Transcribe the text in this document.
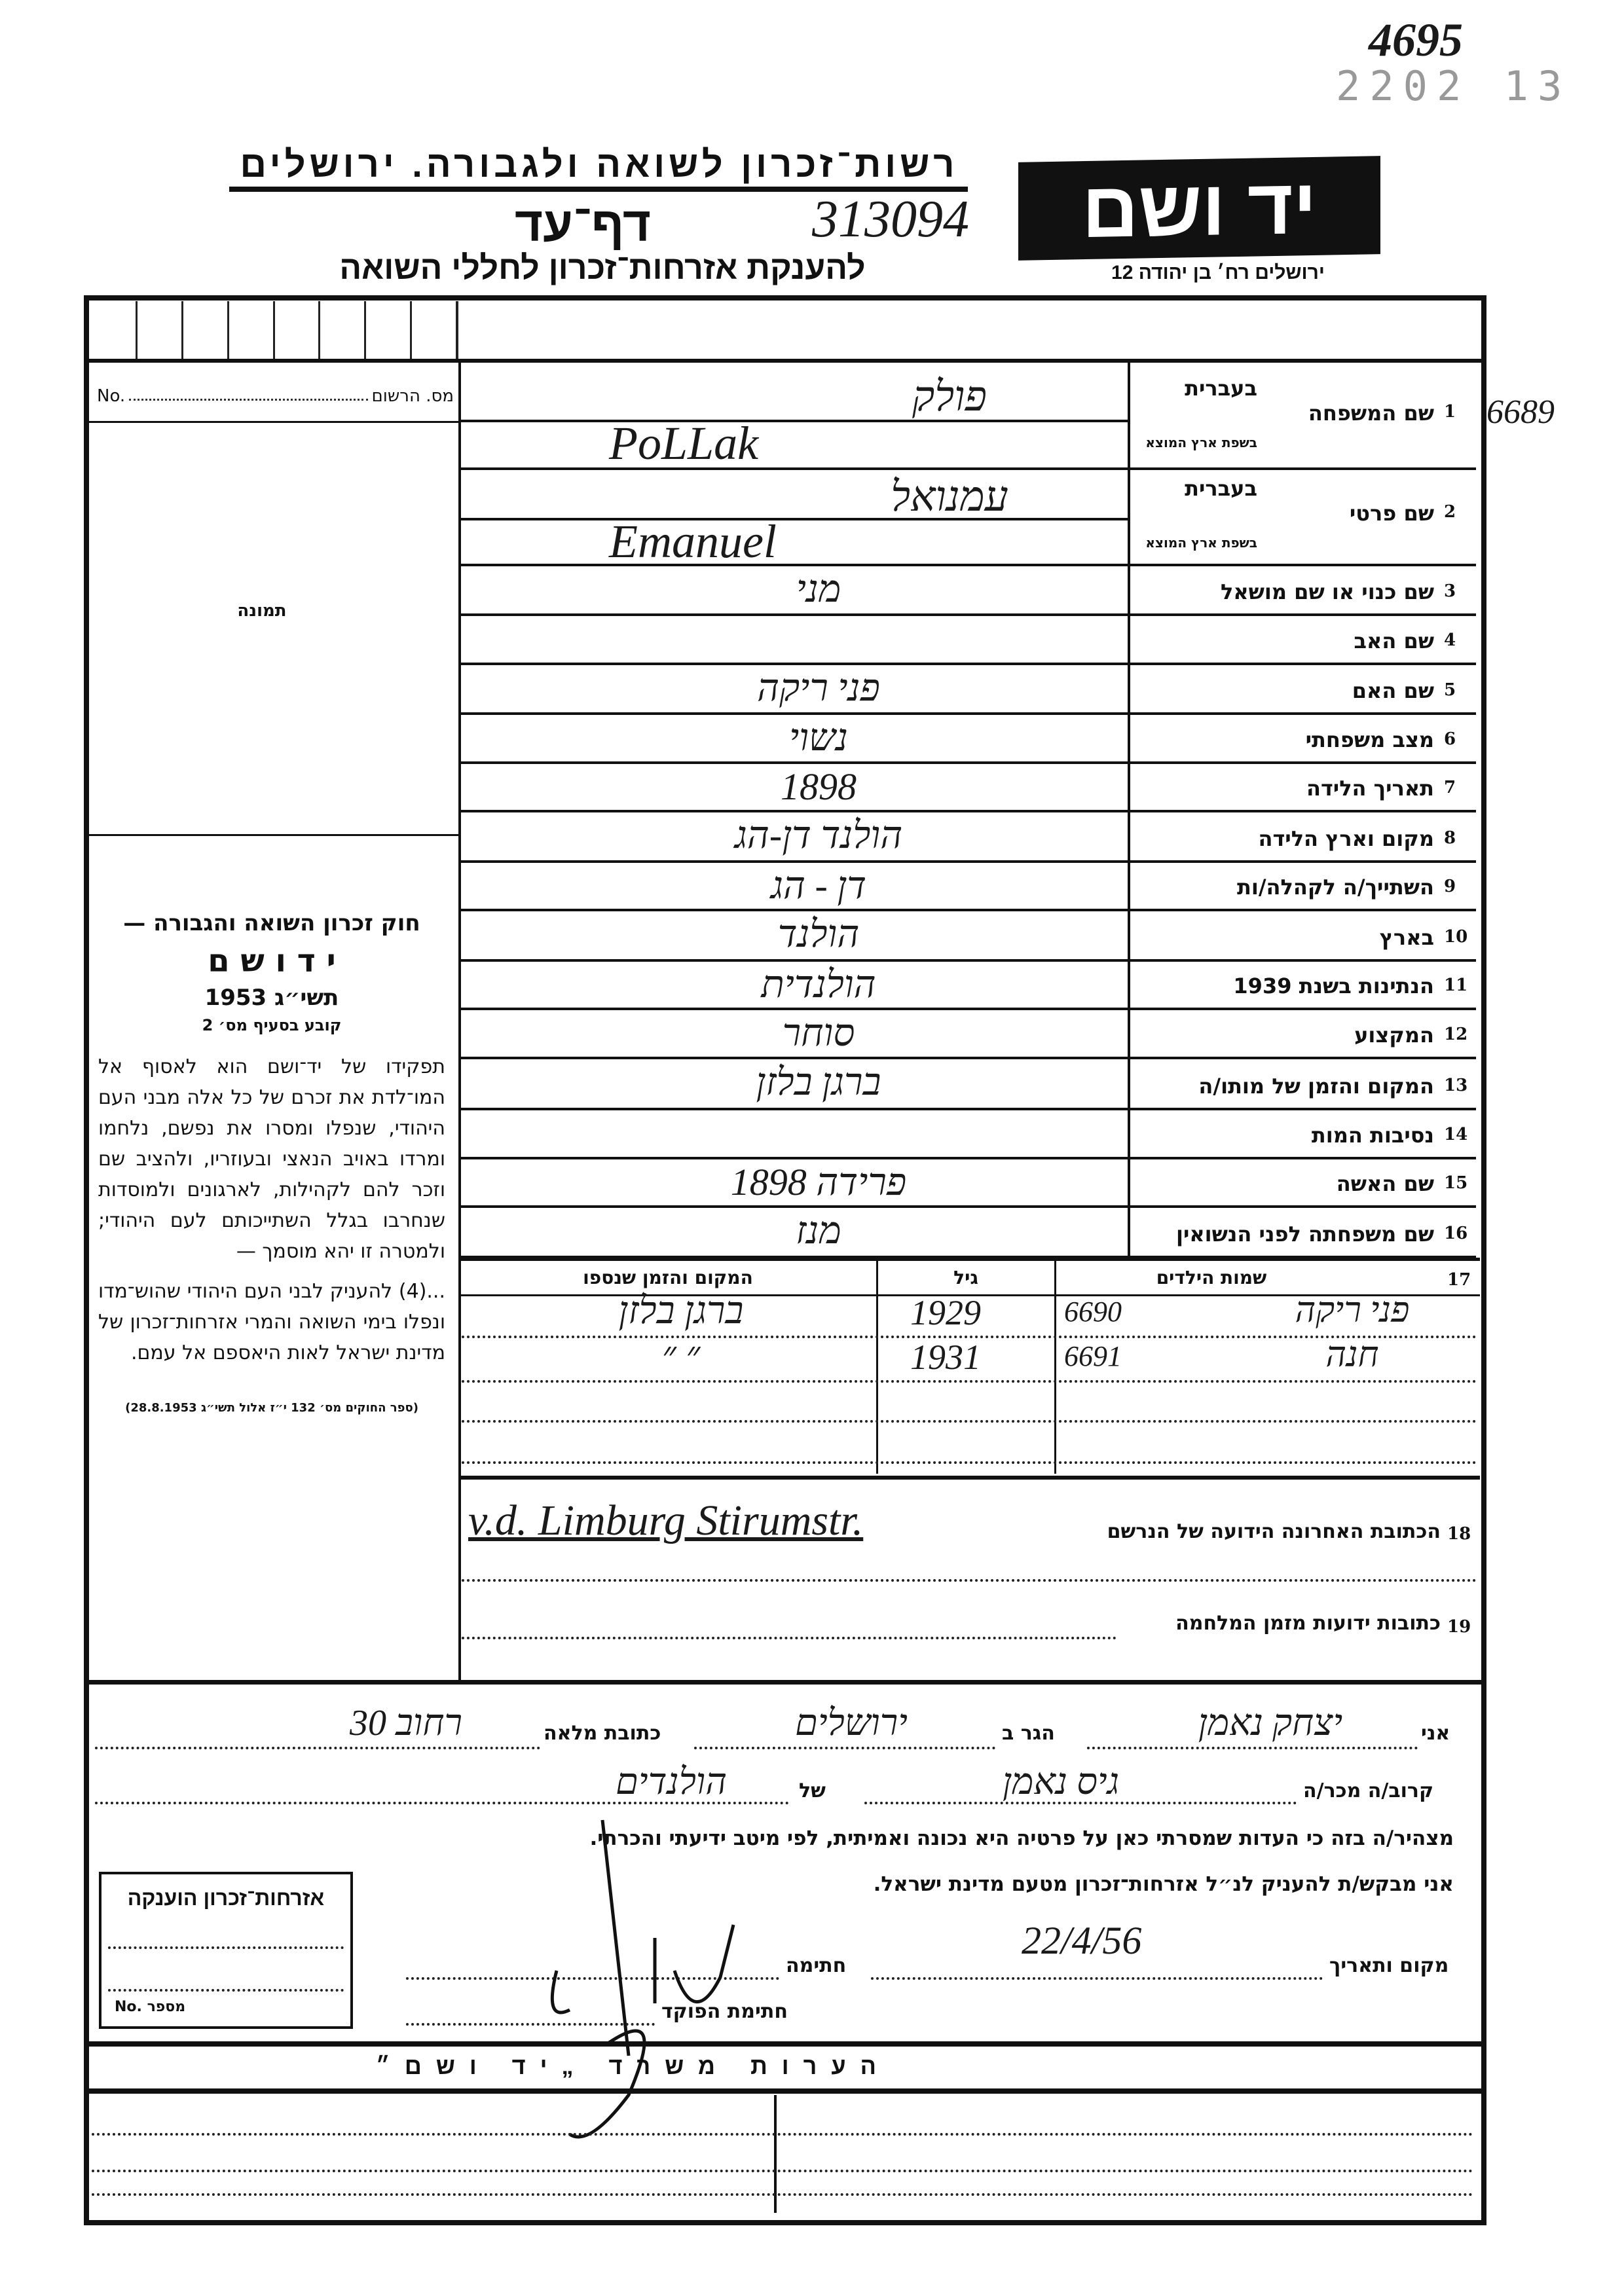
4695
2202 13
6689
רשות־זכרון לשואה ולגבורה. ירושלים
דף־עד	313094
להענקת אזרחות־זכרון לחללי השואה
יד ושם
ירושלים רח׳ בן יהודה 12
No.	מס. הרשום
תמונה
חוק זכרון השואה והגבורה —
י ד ו ש ם
תשי״ג 1953
קובע בסעיף מס׳ 2
תפקידו של יד־ושם הוא לאסוף אל המו־לדת את זכרם של כל אלה מבני העם היהודי, שנפלו ומסרו את נפשם, נלחמו ומרדו באויב הנאצי ובעוזריו, ולהציב שם וזכר להם לקהילות, לארגונים ולמוסדות שנחרבו בגלל השתייכותם לעם היהודי; ולמטרה זו יהא מוסמך —
...(4) להעניק לבני העם היהודי שהוש־מדו ונפלו בימי השואה והמרי אזרחות־זכרון של מדינת ישראל לאות היאספם אל עמם.
(ספר החוקים מס׳ 132 י״ז אלול תשי״ג 28.8.1953)
1
בעברית
שם המשפחה
בשפת ארץ המוצא
פולק
PoLLak
2
בעברית
שם פרטי
בשפת ארץ המוצא
עמנואל
Emanuel
3
שם כנוי או שם מושאל
מני
4
שם האב
5
שם האם
פני ריקה
6
מצב משפחתי
נשוי
7
תאריך הלידה
1898
8
מקום וארץ הלידה
הולנד דן-הג
9
השתייך/ה לקהלה/ות
דן - הג
10
בארץ
הולנד
11
הנתינות בשנת 1939
הולנדית
12
המקצוע
סוחר
13
המקום והזמן של מותו/ה
ברגן בלזן
14
נסיבות המות
15
שם האשה
פרידה 1898
16
שם משפחתה לפני הנשואין
מנז
17
שמות הילדים
גיל
המקום והזמן שנספו
פני ריקה
6690
1929
ברגן בלזן
חנה
6691
1931
״ ״
18
הכתובת האחרונה הידועה של הנרשם
v.d. Limburg Stirumstr.
19
כתובות ידועות מזמן המלחמה
אני
יצחק נאמן
הגר ב
ירושלים
כתובת מלאה
רחוב 30
קרוב/ה מכר/ה
גיס נאמן
של
הולנדים
מצהיר/ה בזה כי העדות שמסרתי כאן על פרטיה היא נכונה ואמיתית, לפי מיטב ידיעתי והכרתי.
אני מבקש/ת להעניק לנ״ל אזרחות־זכרון מטעם מדינת ישראל.
מקום ותאריך
22/4/56
חתימה
חתימת הפוקד
אזרחות־זכרון הוענקה
No. מספר
הערות משרד „יד ושם״
